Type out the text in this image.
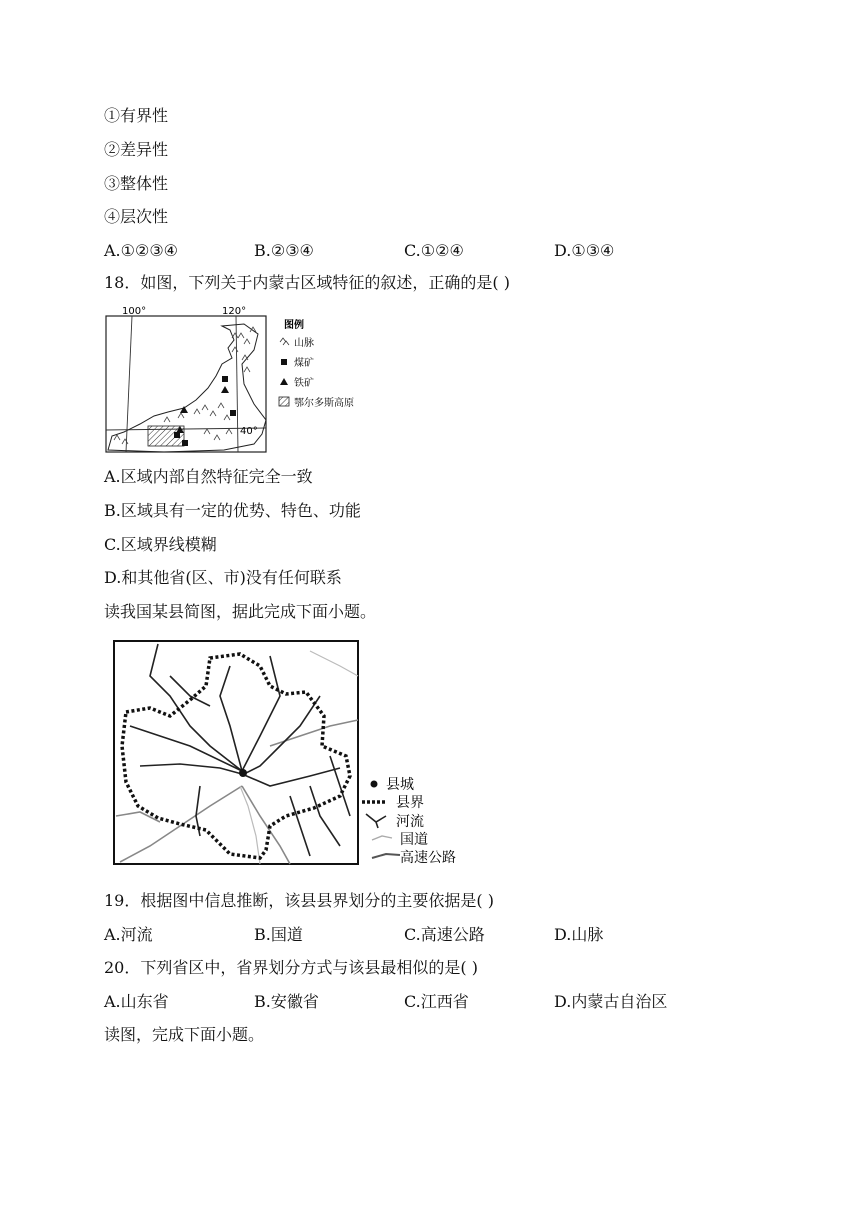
①有界性
②差异性
③整体性
④层次性
A.①②③④	B.②③④	C.①②④	D.①③④
18．如图，下列关于内蒙古区域特征的叙述，正确的是( )
100°	120°
40°
图例
山脉
煤矿
铁矿
鄂尔多斯高原
A.区域内部自然特征完全一致
B.区域具有一定的优势、特色、功能
C.区域界线模糊
D.和其他省(区、市)没有任何联系
读我国某县简图，据此完成下面小题。
县城
县界
河流
国道
高速公路
19．根据图中信息推断，该县县界划分的主要依据是( )
A.河流	B.国道	C.高速公路	D.山脉
20．下列省区中，省界划分方式与该县最相似的是( )
A.山东省	B.安徽省	C.江西省	D.内蒙古自治区
读图，完成下面小题。
